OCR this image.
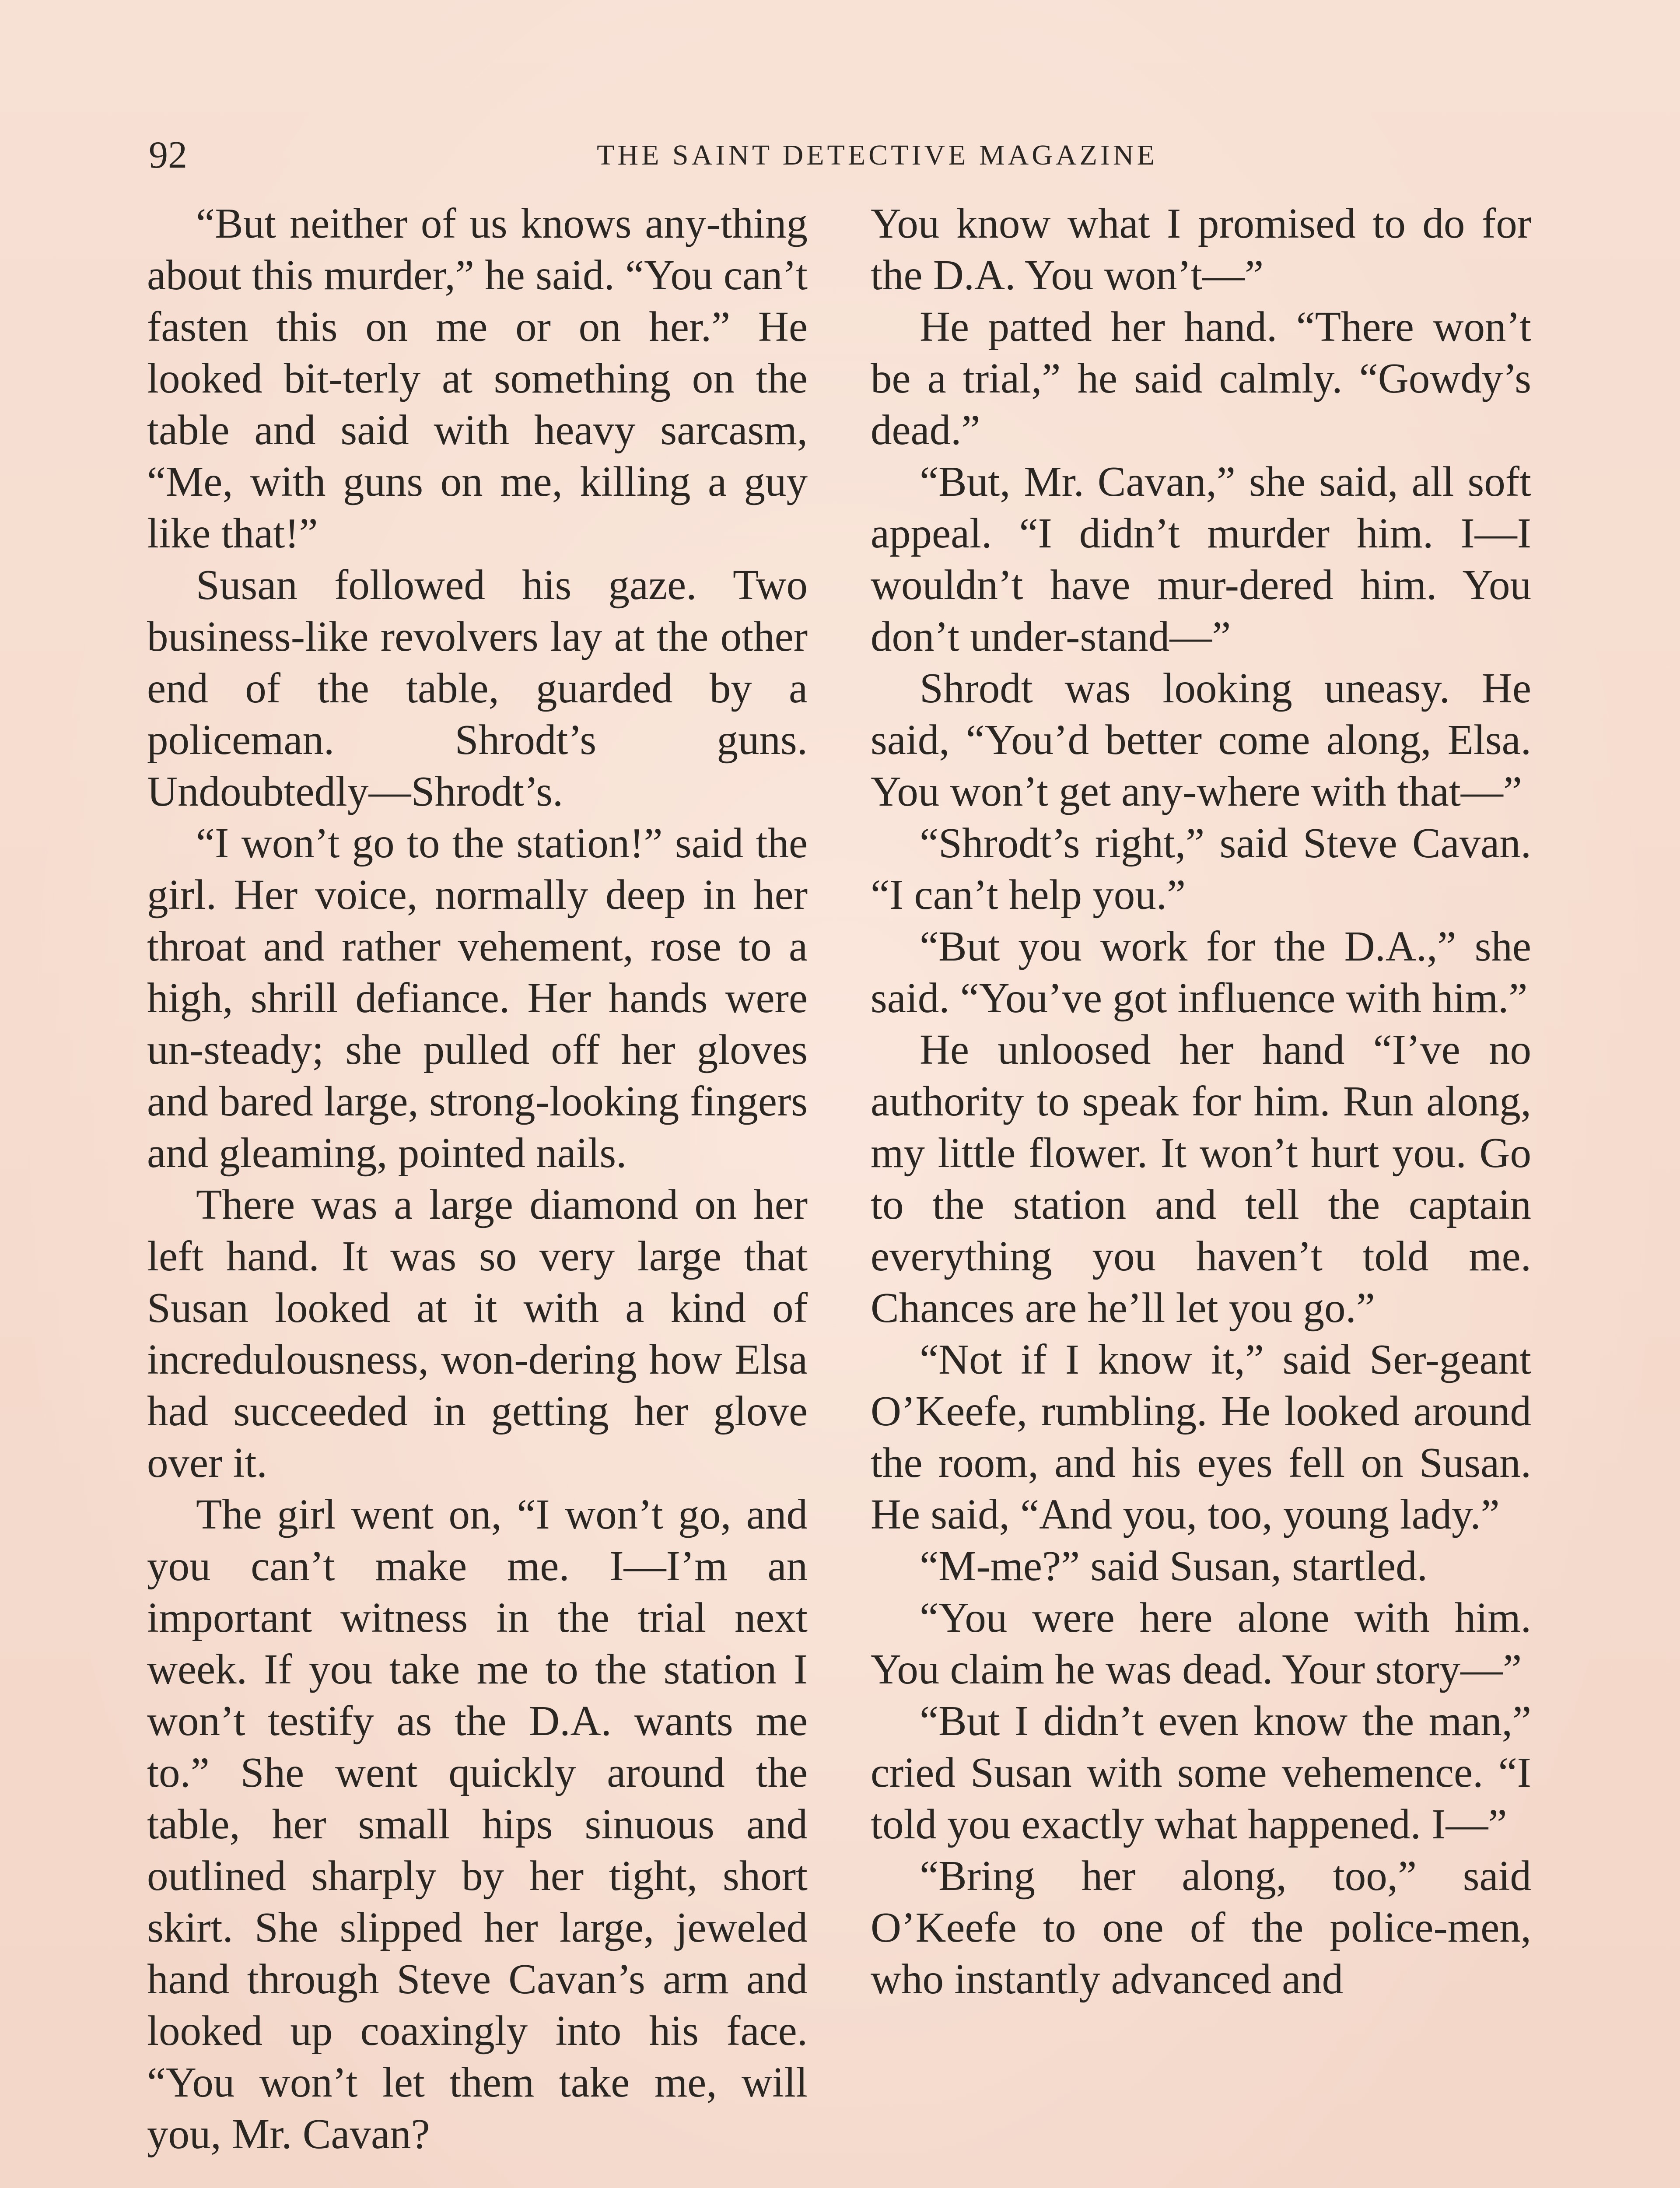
92	THE SAINT DETECTIVE MAGAZINE

“But neither of us knows any-thing about this murder,” he said. “You can’t fasten this on me or on her.” He looked bit-terly at something on the table and said with heavy sarcasm, “Me, with guns on me, killing a guy like that!”

Susan followed his gaze. Two business-like revolvers lay at the other end of the table, guarded by a policeman. Shrodt’s guns. Undoubtedly—Shrodt’s.

“I won’t go to the station!” said the girl. Her voice, normally deep in her throat and rather vehement, rose to a high, shrill defiance. Her hands were un-steady; she pulled off her gloves and bared large, strong-looking fingers and gleaming, pointed nails.

There was a large diamond on her left hand. It was so very large that Susan looked at it with a kind of incredulousness, won-dering how Elsa had succeeded in getting her glove over it.

The girl went on, “I won’t go, and you can’t make me. I—I’m an important witness in the trial next week. If you take me to the station I won’t testify as the D.A. wants me to.” She went quickly around the table, her small hips sinuous and outlined sharply by her tight, short skirt. She slipped her large, jeweled hand through Steve Cavan’s arm and looked up coaxingly into his face. “You won’t let them take me, will you, Mr. Cavan?

You know what I promised to do for the D.A. You won’t—”

He patted her hand. “There won’t be a trial,” he said calmly. “Gowdy’s dead.”

“But, Mr. Cavan,” she said, all soft appeal. “I didn’t murder him. I—I wouldn’t have mur-dered him. You don’t under-stand—”

Shrodt was looking uneasy. He said, “You’d better come along, Elsa. You won’t get any-where with that—”

“Shrodt’s right,” said Steve Cavan. “I can’t help you.”

“But you work for the D.A.,” she said. “You’ve got influence with him.”

He unloosed her hand “I’ve no authority to speak for him. Run along, my little flower. It won’t hurt you. Go to the station and tell the captain everything you haven’t told me. Chances are he’ll let you go.”

“Not if I know it,” said Ser-geant O’Keefe, rumbling. He looked around the room, and his eyes fell on Susan. He said, “And you, too, young lady.”

“M-me?” said Susan, startled.

“You were here alone with him. You claim he was dead. Your story—”

“But I didn’t even know the man,” cried Susan with some vehemence. “I told you exactly what happened. I—”

“Bring her along, too,” said O’Keefe to one of the police-men, who instantly advanced and
